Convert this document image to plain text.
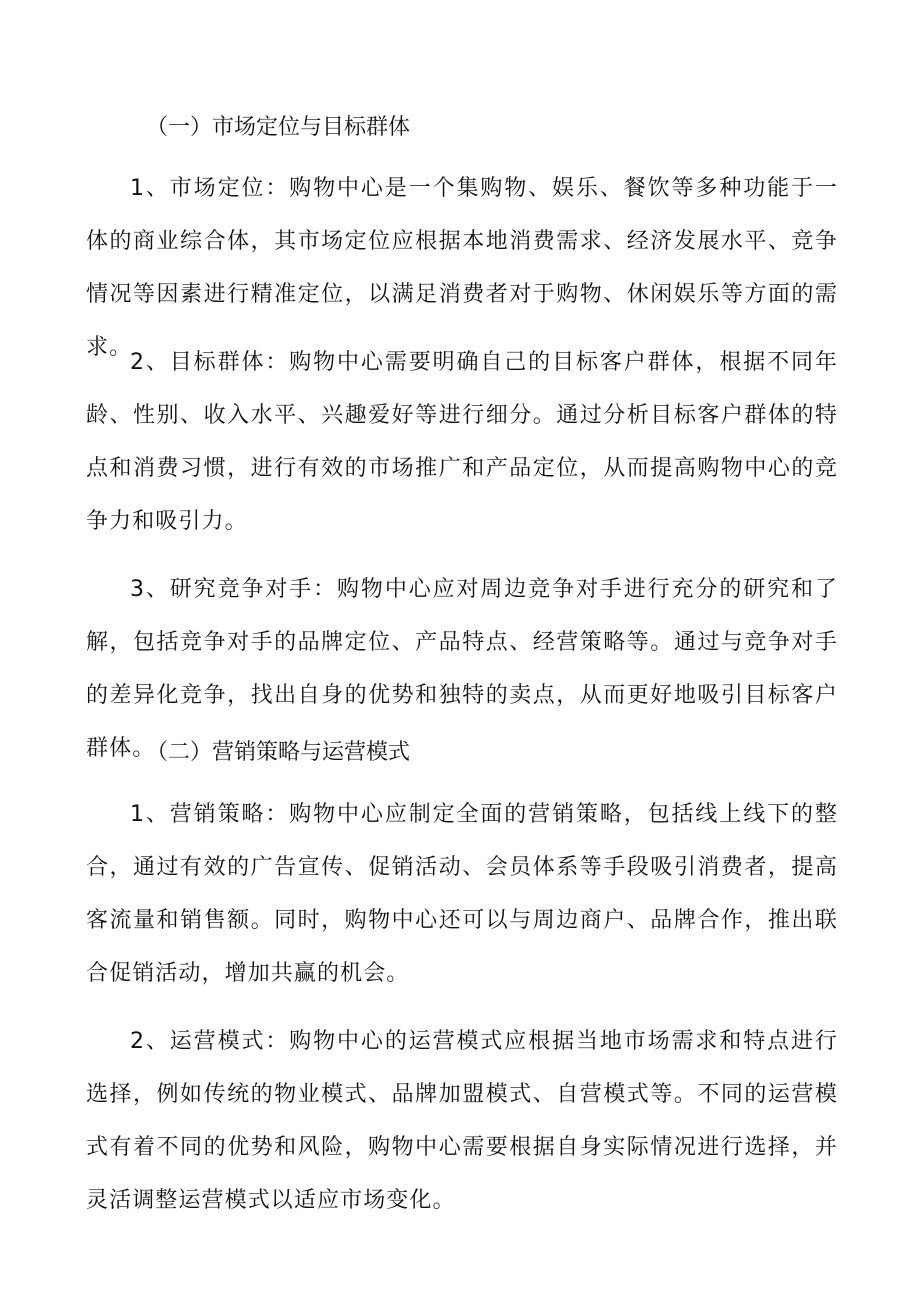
（一）市场定位与目标群体

1、市场定位：购物中心是一个集购物、娱乐、餐饮等多种功能于一体的商业综合体，其市场定位应根据本地消费需求、经济发展水平、竞争情况等因素进行精准定位，以满足消费者对于购物、休闲娱乐等方面的需求。

2、目标群体：购物中心需要明确自己的目标客户群体，根据不同年龄、性别、收入水平、兴趣爱好等进行细分。通过分析目标客户群体的特点和消费习惯，进行有效的市场推广和产品定位，从而提高购物中心的竞争力和吸引力。

3、研究竞争对手：购物中心应对周边竞争对手进行充分的研究和了解，包括竞争对手的品牌定位、产品特点、经营策略等。通过与竞争对手的差异化竞争，找出自身的优势和独特的卖点，从而更好地吸引目标客户群体。

（二）营销策略与运营模式

1、营销策略：购物中心应制定全面的营销策略，包括线上线下的整合，通过有效的广告宣传、促销活动、会员体系等手段吸引消费者，提高客流量和销售额。同时，购物中心还可以与周边商户、品牌合作，推出联合促销活动，增加共赢的机会。

2、运营模式：购物中心的运营模式应根据当地市场需求和特点进行选择，例如传统的物业模式、品牌加盟模式、自营模式等。不同的运营模式有着不同的优势和风险，购物中心需要根据自身实际情况进行选择，并灵活调整运营模式以适应市场变化。
